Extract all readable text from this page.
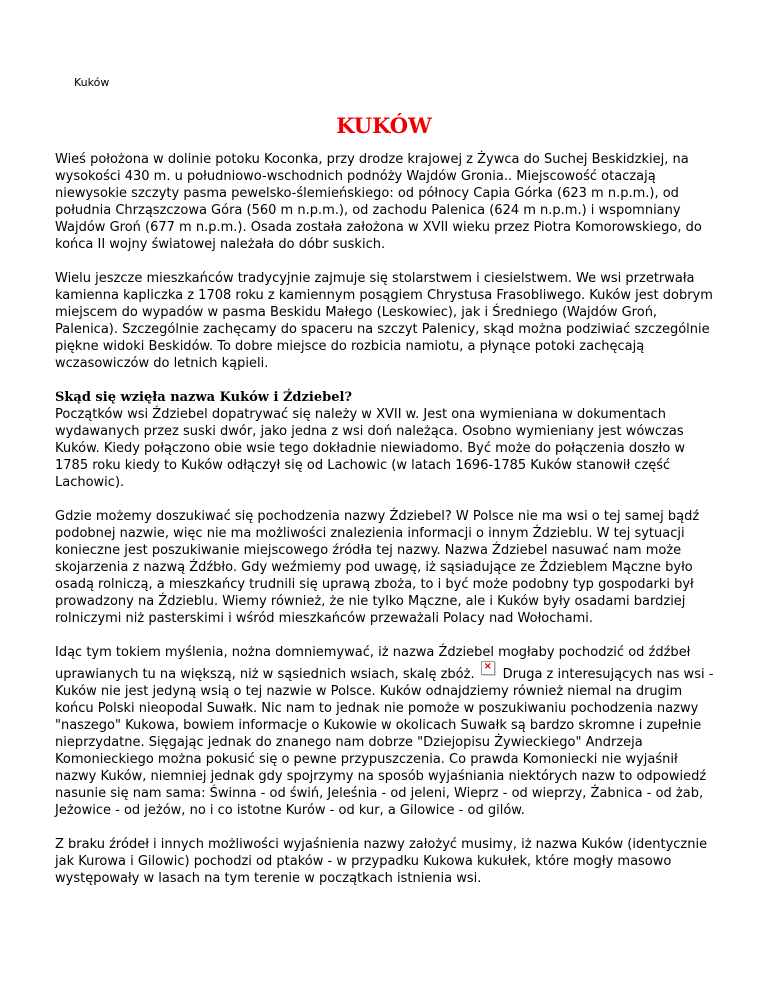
Kuków
KUKÓW

Wieś położona w dolinie potoku Koconka, przy drodze krajowej z Żywca do Suchej Beskidzkiej, na wysokości 430 m. u południowo-wschodnich podnóży Wajdów Gronia.. Miejscowość otaczają niewysokie szczyty pasma pewelsko-ślemieńskiego: od północy Capia Górka (623 m n.p.m.), od południa Chrząszczowa Góra (560 m n.p.m.), od zachodu Palenica (624 m n.p.m.) i wspomniany Wajdów Groń (677 m n.p.m.). Osada została założona w XVII wieku przez Piotra Komorowskiego, do końca II wojny światowej należała do dóbr suskich.

Wielu jeszcze mieszkańców tradycyjnie zajmuje się stolarstwem i ciesielstwem. We wsi przetrwała kamienna kapliczka z 1708 roku z kamiennym posągiem Chrystusa Frasobliwego. Kuków jest dobrym miejscem do wypadów w pasma Beskidu Małego (Leskowiec), jak i Średniego (Wajdów Groń, Palenica). Szczególnie zachęcamy do spaceru na szczyt Palenicy, skąd można podziwiać szczególnie piękne widoki Beskidów. To dobre miejsce do rozbicia namiotu, a płynące potoki zachęcają wczasowiczów do letnich kąpieli.

Skąd się wzięła nazwa Kuków i Ździebel?

Początków wsi Ździebel dopatrywać się należy w XVII w. Jest ona wymieniana w dokumentach wydawanych przez suski dwór, jako jedna z wsi doń należąca. Osobno wymieniany jest wówczas Kuków. Kiedy połączono obie wsie tego dokładnie niewiadomo. Być może do połączenia doszło w 1785 roku kiedy to Kuków odłączył się od Lachowic (w latach 1696-1785 Kuków stanowił część Lachowic).

Gdzie możemy doszukiwać się pochodzenia nazwy Ździebel? W Polsce nie ma wsi o tej samej bądź podobnej nazwie, więc nie ma możliwości znalezienia informacji o innym Ździeblu. W tej sytuacji konieczne jest poszukiwanie miejscowego źródła tej nazwy. Nazwa Ździebel nasuwać nam może skojarzenia z nazwą Źdźbło. Gdy weźmiemy pod uwagę, iż sąsiadujące ze Ździeblem Mączne było osadą rolniczą, a mieszkańcy trudnili się uprawą zboża, to i być może podobny typ gospodarki był prowadzony na Ździeblu. Wiemy również, że nie tylko Mączne, ale i Kuków były osadami bardziej rolniczymi niż pasterskimi i wśród mieszkańców przeważali Polacy nad Wołochami.

Idąc tym tokiem myślenia, nożna domniemywać, iż nazwa Ździebel mogłaby pochodzić od źdźbeł uprawianych tu na większą, niż w sąsiednich wsiach, skalę zbóż.
×
Druga z interesujących nas wsi - Kuków nie jest jedyną wsią o tej nazwie w Polsce. Kuków odnajdziemy również niemal na drugim końcu Polski nieopodal Suwałk. Nic nam to jednak nie pomoże w poszukiwaniu pochodzenia nazwy "naszego" Kukowa, bowiem informacje o Kukowie w okolicach Suwałk są bardzo skromne i zupełnie nieprzydatne. Sięgając jednak do znanego nam dobrze "Dziejopisu Żywieckiego" Andrzeja Komonieckiego można pokusić się o pewne przypuszczenia. Co prawda Komoniecki nie wyjaśnił nazwy Kuków, niemniej jednak gdy spojrzymy na sposób wyjaśniania niektórych nazw to odpowiedź nasunie się nam sama: Świnna - od świń, Jeleśnia - od jeleni, Wieprz - od wieprzy, Żabnica - od żab, Jeżowice - od jeżów, no i co istotne Kurów - od kur, a Gilowice - od gilów.

Z braku źródeł i innych możliwości wyjaśnienia nazwy założyć musimy, iż nazwa Kuków (identycznie jak Kurowa i Gilowic) pochodzi od ptaków - w przypadku Kukowa kukułek, które mogły masowo występowały w lasach na tym terenie w początkach istnienia wsi.
